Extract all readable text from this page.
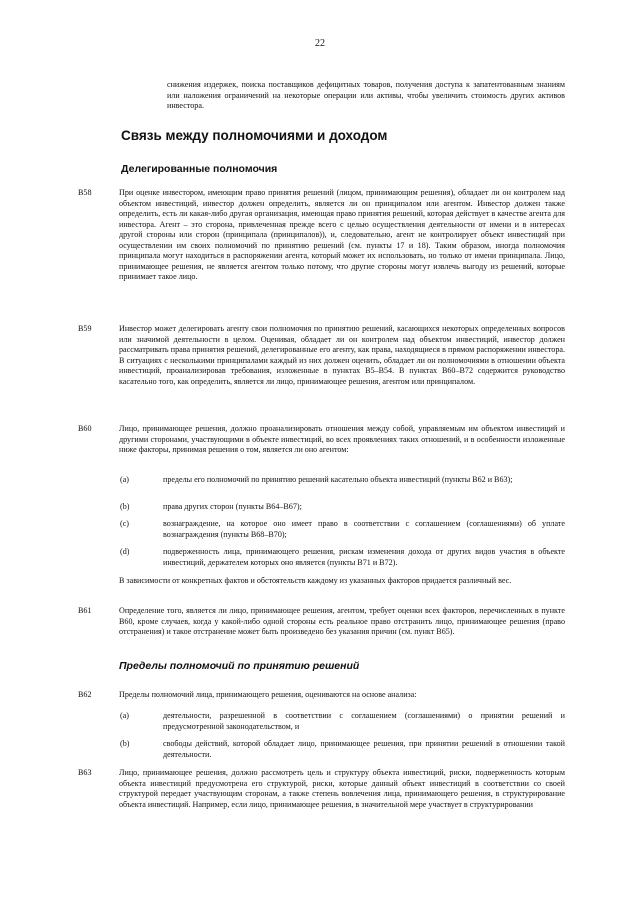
22

снижения издержек, поиска поставщиков дефицитных товаров, получения доступа к запатентованным знаниям или наложения ограничений на некоторые операции или активы, чтобы увеличить стоимость других активов инвестора.

Связь между полномочиями и доходом
Делегированные полномочия
B58	При оценке инвестором, имеющим право принятия решений (лицом, принимающим решения), обладает ли он контролем над объектом инвестиций, инвестор должен определить, является ли он принципалом или агентом. Инвестор должен также определить, есть ли какая-либо другая организация, имеющая право принятия решений, которая действует в качестве агента для инвестора. Агент – это сторона, привлеченная прежде всего с целью осуществления деятельности от имени и в интересах другой стороны или сторон (принципала (принципалов)), и, следовательно, агент не контролирует объект инвестиций при осуществлении им своих полномочий по принятию решений (см. пункты 17 и 18). Таким образом, иногда полномочия принципала могут находиться в распоряжении агента, который может их использовать, но только от имени принципала. Лицо, принимающее решения, не является агентом только потому, что другие стороны могут извлечь выгоду из решений, которые принимает такое лицо.

B59	Инвестор может делегировать агенту свои полномочия по принятию решений, касающихся некоторых определенных вопросов или значимой деятельности в целом. Оценивая, обладает ли он контролем над объектом инвестиций, инвестор должен рассматривать права принятия решений, делегированные его агенту, как права, находящиеся в прямом распоряжении инвестора. В ситуациях с несколькими принципалами каждый из них должен оценить, обладает ли он полномочиями в отношении объекта инвестиций, проанализировав требования, изложенные в пунктах B5–B54. В пунктах B60–B72 содержится руководство касательно того, как определить, является ли лицо, принимающее решения, агентом или принципалом.

B60	Лицо, принимающее решения, должно проанализировать отношения между собой, управляемым им объектом инвестиций и другими сторонами, участвующими в объекте инвестиций, во всех проявлениях таких отношений, и в особенности изложенные ниже факторы, принимая решения о том, является ли оно агентом:

(a)	пределы его полномочий по принятию решений касательно объекта инвестиций (пункты B62 и B63);

(b)	права других сторон (пункты B64–B67);

(c)	вознаграждение, на которое оно имеет право в соответствии с соглашением (соглашениями) об уплате вознаграждения (пункты B68–B70);

(d)	подверженность лица, принимающего решения, рискам изменения дохода от других видов участия в объекте инвестиций, держателем которых оно является (пункты B71 и B72).

В зависимости от конкретных фактов и обстоятельств каждому из указанных факторов придается различный вес.

B61	Определение того, является ли лицо, принимающее решения, агентом, требует оценки всех факторов, перечисленных в пункте B60, кроме случаев, когда у какой-либо одной стороны есть реальное право отстранить лицо, принимающее решения (право отстранения) и такое отстранение может быть произведено без указания причин (см. пункт B65).

Пределы полномочий по принятию решений
B62	Пределы полномочий лица, принимающего решения, оцениваются на основе анализа:

(a)	деятельности, разрешенной в соответствии с соглашением (соглашениями) о принятии решений и предусмотренной законодательством, и

(b)	свободы действий, которой обладает лицо, принимающее решения, при принятии решений в отношении такой деятельности.

B63	Лицо, принимающее решения, должно рассмотреть цель и структуру объекта инвестиций, риски, подверженность которым объекта инвестиций предусмотрена его структурой, риски, которые данный объект инвестиций в соответствии со своей структурой передает участвующим сторонам, а также степень вовлечения лица, принимающего решения, в структурирование объекта инвестиций. Например, если лицо, принимающее решения, в значительной мере участвует в структурировании
